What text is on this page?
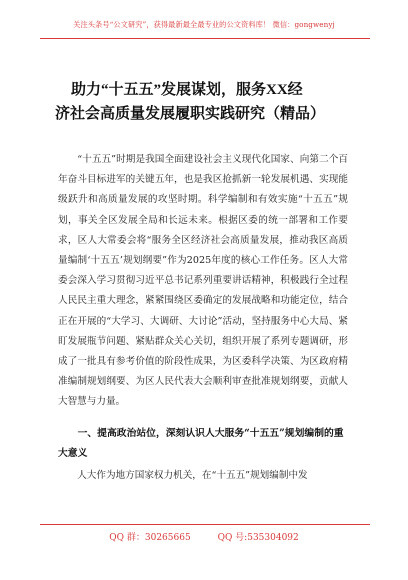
关注头条号“公文研究”，获得最新最全最专业的公文资料库！ 微信：gongwenyj
助力“十五五”发展谋划，服务XX经
济社会高质量发展履职实践研究（精品）

“十五五”时期是我国全面建设社会主义现代化国家、向第二个百年奋斗目标进军的关键五年，也是我区抢抓新一轮发展机遇、实现能级跃升和高质量发展的攻坚时期。科学编制和有效实施“十五五”规划，事关全区发展全局和长远未来。根据区委的统一部署和工作要求，区人大常委会将“服务全区经济社会高质量发展，推动我区高质量编制‘十五五’规划纲要”作为2025年度的核心工作任务。区人大常委会深入学习贯彻习近平总书记系列重要讲话精神，积极践行全过程人民民主重大理念，紧紧围绕区委确定的发展战略和功能定位，结合正在开展的“大学习、大调研、大讨论”活动，坚持服务中心大局、紧盯发展瓶节问题、紧贴群众关心关切，组织开展了系列专题调研，形成了一批具有参考价值的阶段性成果，为区委科学决策、为区政府精准编制规划纲要、为区人民代表大会顺利审查批准规划纲要，贡献人大智慧与力量。

一、提高政治站位，深刻认识人大服务“十五五”规划编制的重大意义

人大作为地方国家权力机关，在“十五五”规划编制中发

QQ 群：30265665	QQ 号:535304092
